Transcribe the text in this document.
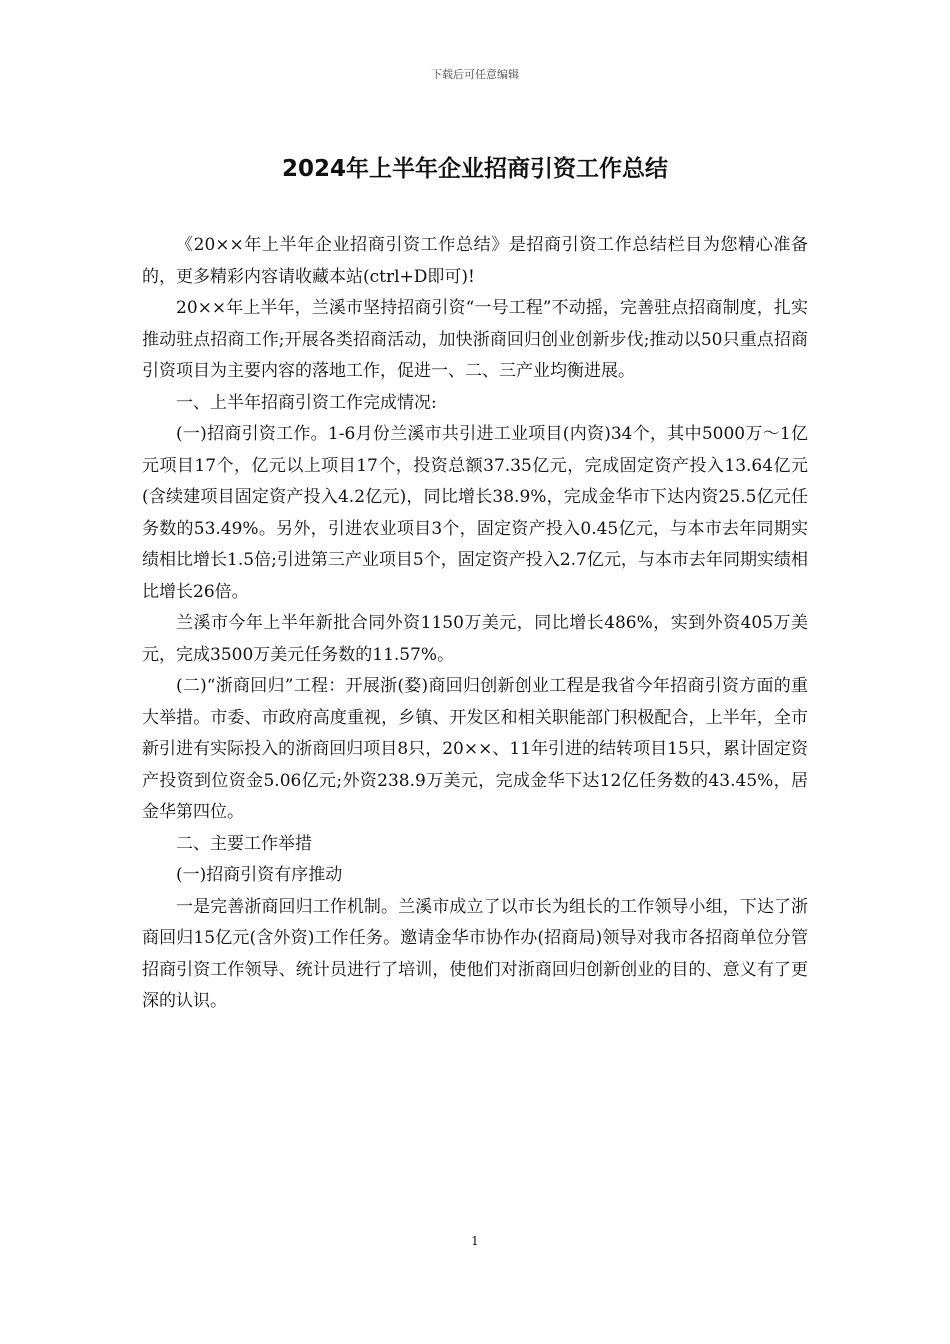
下载后可任意编辑
2024年上半年企业招商引资工作总结

《20××年上半年企业招商引资工作总结》是招商引资工作总结栏目为您精心准备的，更多精彩内容请收藏本站(ctrl+D即可)!

20××年上半年，兰溪市坚持招商引资“一号工程”不动摇，完善驻点招商制度，扎实推动驻点招商工作;开展各类招商活动，加快浙商回归创业创新步伐;推动以50只重点招商引资项目为主要内容的落地工作，促进一、二、三产业均衡进展。

一、上半年招商引资工作完成情况:

(一)招商引资工作。1-6月份兰溪市共引进工业项目(内资)34个，其中5000万～1亿元项目17个，亿元以上项目17个，投资总额37.35亿元，完成固定资产投入13.64亿元(含续建项目固定资产投入4.2亿元)，同比增长38.9%，完成金华市下达内资25.5亿元任务数的53.49%。另外，引进农业项目3个，固定资产投入0.45亿元，与本市去年同期实绩相比增长1.5倍;引进第三产业项目5个，固定资产投入2.7亿元，与本市去年同期实绩相比增长26倍。

兰溪市今年上半年新批合同外资1150万美元，同比增长486%，实到外资405万美元，完成3500万美元任务数的11.57%。

(二)“浙商回归”工程：开展浙(婺)商回归创新创业工程是我省今年招商引资方面的重大举措。市委、市政府高度重视，乡镇、开发区和相关职能部门积极配合，上半年，全市新引进有实际投入的浙商回归项目8只，20××、11年引进的结转项目15只，累计固定资产投资到位资金5.06亿元;外资238.9万美元，完成金华下达12亿任务数的43.45%，居金华第四位。

二、主要工作举措

(一)招商引资有序推动

一是完善浙商回归工作机制。兰溪市成立了以市长为组长的工作领导小组，下达了浙商回归15亿元(含外资)工作任务。邀请金华市协作办(招商局)领导对我市各招商单位分管招商引资工作领导、统计员进行了培训，使他们对浙商回归创新创业的目的、意义有了更深的认识。

1
